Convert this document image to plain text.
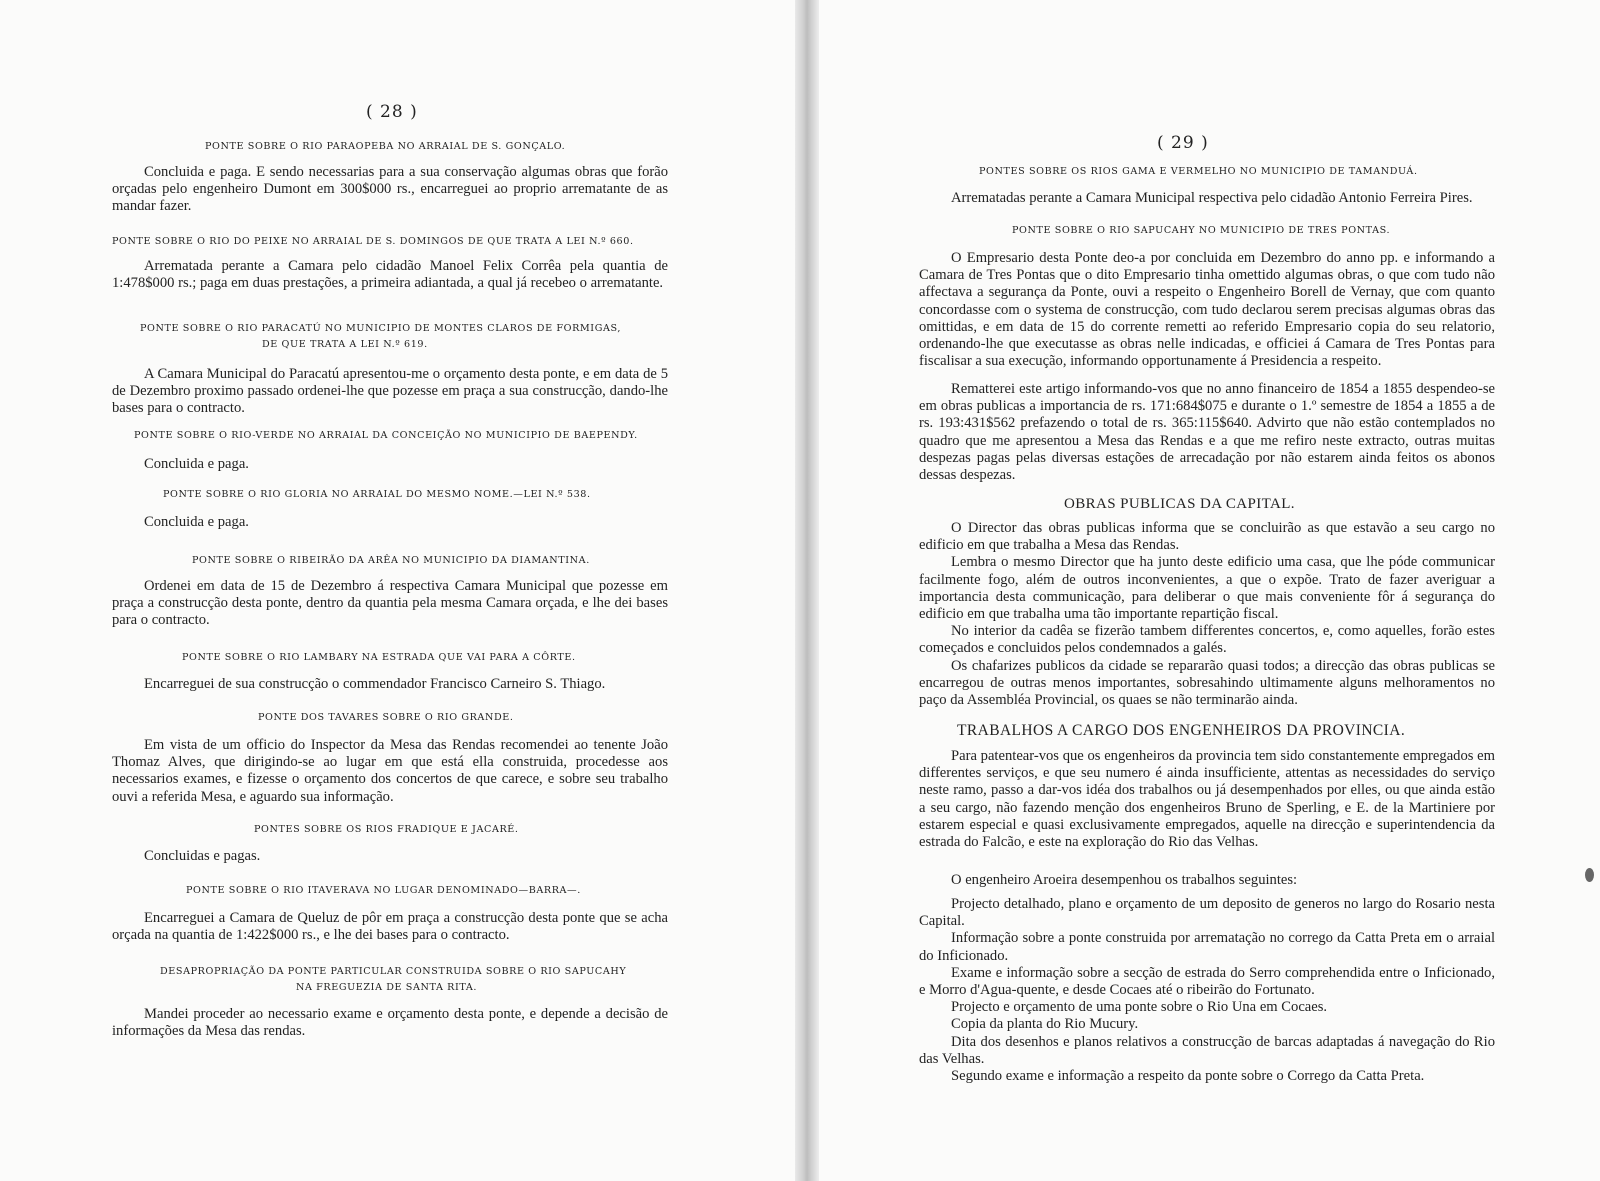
( 28 )
PONTE SOBRE O RIO PARAOPEBA NO ARRAIAL DE S. GONÇALO.
Concluida e paga. E sendo necessarias para a sua conservação algumas obras que forão orçadas pelo engenheiro Dumont em 300$000 rs., encarreguei ao proprio arrematante de as mandar fazer.
PONTE SOBRE O RIO DO PEIXE NO ARRAIAL DE S. DOMINGOS DE QUE TRATA A LEI N.º 660.
Arrematada perante a Camara pelo cidadão Manoel Felix Corrêa pela quantia de 1:478$000 rs.; paga em duas prestações, a primeira adiantada, a qual já recebeo o arrematante.
PONTE SOBRE O RIO PARACATÚ NO MUNICIPIO DE MONTES CLAROS DE FORMIGAS,
DE QUE TRATA A LEI N.º 619.
A Camara Municipal do Paracatú apresentou-me o orçamento desta ponte, e em data de 5 de Dezembro proximo passado ordenei-lhe que pozesse em praça a sua construcção, dando-lhe bases para o contracto.
PONTE SOBRE O RIO-VERDE NO ARRAIAL DA CONCEIÇÃO NO MUNICIPIO DE BAEPENDY.
Concluida e paga.
PONTE SOBRE O RIO GLORIA NO ARRAIAL DO MESMO NOME.—LEI N.º 538.
Concluida e paga.
PONTE SOBRE O RIBEIRÃO DA ARÊA NO MUNICIPIO DA DIAMANTINA.
Ordenei em data de 15 de Dezembro á respectiva Camara Municipal que pozesse em praça a construcção desta ponte, dentro da quantia pela mesma Camara orçada, e lhe dei bases para o contracto.
PONTE SOBRE O RIO LAMBARY NA ESTRADA QUE VAI PARA A CÔRTE.
Encarreguei de sua construcção o commendador Francisco Carneiro S. Thiago.
PONTE DOS TAVARES SOBRE O RIO GRANDE.
Em vista de um officio do Inspector da Mesa das Rendas recomendei ao tenente João Thomaz Alves, que dirigindo-se ao lugar em que está ella construida, procedesse aos necessarios exames, e fizesse o orçamento dos concertos de que carece, e sobre seu trabalho ouvi a referida Mesa, e aguardo sua informação.
PONTES SOBRE OS RIOS FRADIQUE E JACARÉ.
Concluidas e pagas.
PONTE SOBRE O RIO ITAVERAVA NO LUGAR DENOMINADO—BARRA—.
Encarreguei a Camara de Queluz de pôr em praça a construcção desta ponte que se acha orçada na quantia de 1:422$000 rs., e lhe dei bases para o contracto.
DESAPROPRIAÇÃO DA PONTE PARTICULAR CONSTRUIDA SOBRE O RIO SAPUCAHY
NA FREGUEZIA DE SANTA RITA.
Mandei proceder ao necessario exame e orçamento desta ponte, e depende a decisão de informações da Mesa das rendas.
( 29 )
PONTES SOBRE OS RIOS GAMA E VERMELHO NO MUNICIPIO DE TAMANDUÁ.
Arrematadas perante a Camara Municipal respectiva pelo cidadão Antonio Ferreira Pires.
PONTE SOBRE O RIO SAPUCAHY NO MUNICIPIO DE TRES PONTAS.
O Empresario desta Ponte deo-a por concluida em Dezembro do anno pp. e informando a Camara de Tres Pontas que o dito Empresario tinha omettido algumas obras, o que com tudo não affectava a segurança da Ponte, ouvi a respeito o Engenheiro Borell de Vernay, que com quanto concordasse com o systema de construcção, com tudo declarou serem precisas algumas obras das omittidas, e em data de 15 do corrente remetti ao referido Empresario copia do seu relatorio, ordenando-lhe que executasse as obras nelle indicadas, e officiei á Camara de Tres Pontas para fiscalisar a sua execução, informando opportunamente á Presidencia a respeito.
Rematterei este artigo informando-vos que no anno financeiro de 1854 a 1855 despendeo-se em obras publicas a importancia de rs. 171:684$075 e durante o 1.º semestre de 1854 a 1855 a de rs. 193:431$562 prefazendo o total de rs. 365:115$640. Advirto que não estão contemplados no quadro que me apresentou a Mesa das Rendas e a que me refiro neste extracto, outras muitas despezas pagas pelas diversas estações de arrecadação por não estarem ainda feitos os abonos dessas despezas.
OBRAS PUBLICAS DA CAPITAL.
O Director das obras publicas informa que se concluirão as que estavão a seu cargo no edificio em que trabalha a Mesa das Rendas.
Lembra o mesmo Director que ha junto deste edificio uma casa, que lhe póde communicar facilmente fogo, além de outros inconvenientes, a que o expõe. Trato de fazer averiguar a importancia desta communicação, para deliberar o que mais conveniente fôr á segurança do edificio em que trabalha uma tão importante repartição fiscal.
No interior da cadêa se fizerão tambem differentes concertos, e, como aquelles, forão estes começados e concluidos pelos condemnados a galés.
Os chafarizes publicos da cidade se repararão quasi todos; a direcção das obras publicas se encarregou de outras menos importantes, sobresahindo ultimamente alguns melhoramentos no paço da Assembléa Provincial, os quaes se não terminarão ainda.
TRABALHOS A CARGO DOS ENGENHEIROS DA PROVINCIA.
Para patentear-vos que os engenheiros da provincia tem sido constantemente empregados em differentes serviços, e que seu numero é ainda insufficiente, attentas as necessidades do serviço neste ramo, passo a dar-vos idéa dos trabalhos ou já desempenhados por elles, ou que ainda estão a seu cargo, não fazendo menção dos engenheiros Bruno de Sperling, e E. de la Martiniere por estarem especial e quasi exclusivamente empregados, aquelle na direcção e superintendencia da estrada do Falcão, e este na exploração do Rio das Velhas.
O engenheiro Aroeira desempenhou os trabalhos seguintes:
Projecto detalhado, plano e orçamento de um deposito de generos no largo do Rosario nesta Capital.
Informação sobre a ponte construida por arrematação no corrego da Catta Preta em o arraial do Inficionado.
Exame e informação sobre a secção de estrada do Serro comprehendida entre o Inficionado, e Morro d'Agua-quente, e desde Cocaes até o ribeirão do Fortunato.
Projecto e orçamento de uma ponte sobre o Rio Una em Cocaes.
Copia da planta do Rio Mucury.
Dita dos desenhos e planos relativos a construcção de barcas adaptadas á navegação do Rio das Velhas.
Segundo exame e informação a respeito da ponte sobre o Corrego da Catta Preta.
